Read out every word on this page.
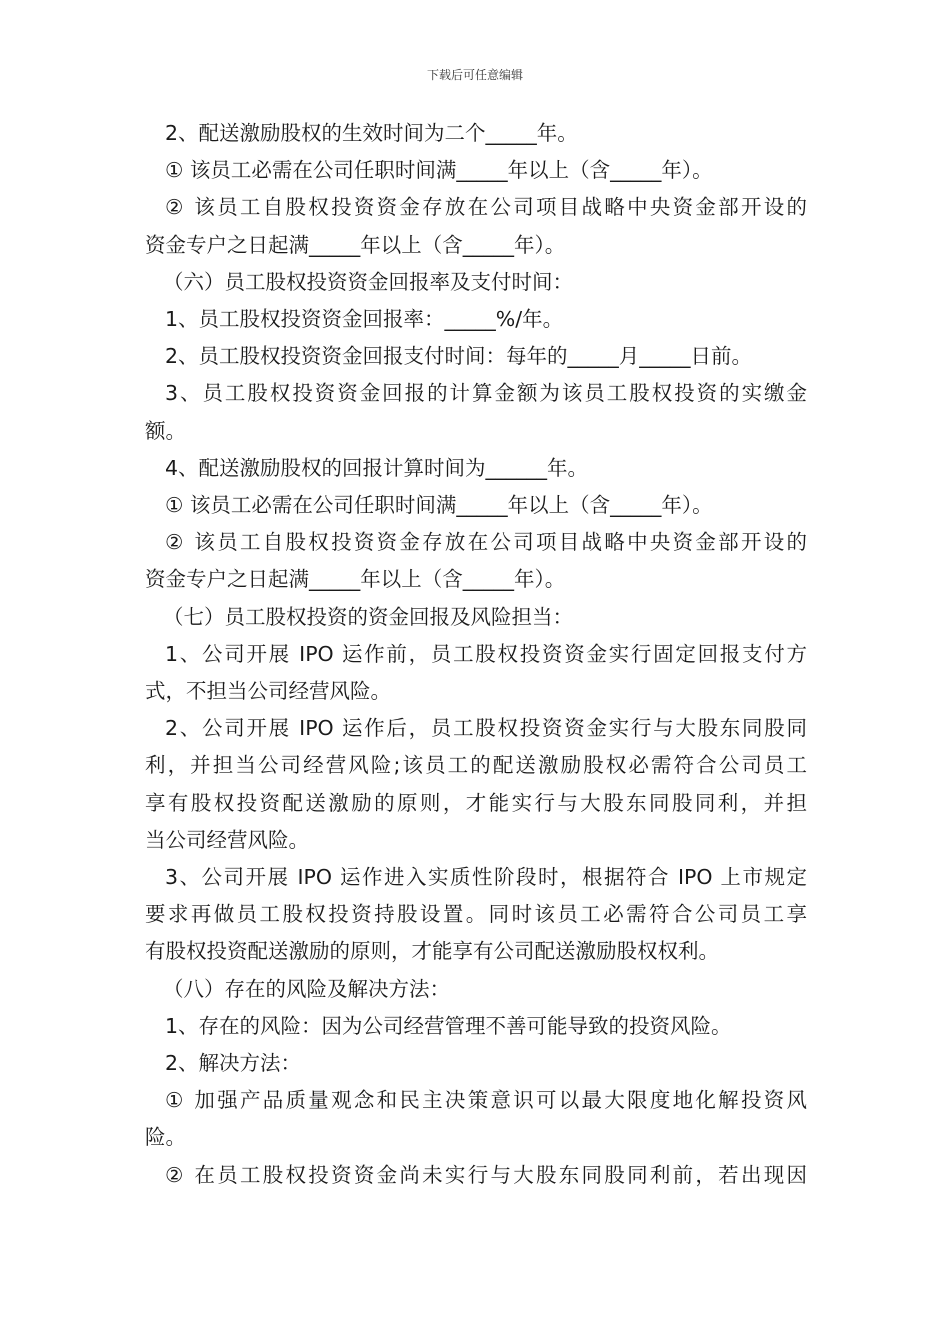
下载后可任意编辑

2、配送激励股权的生效时间为二个_____年。

① 该员工必需在公司任职时间满_____年以上（含_____年）。

② 该员工自股权投资资金存放在公司项目战略中央资金部开设的

资金专户之日起满_____年以上（含_____年）。

（六）员工股权投资资金回报率及支付时间：

1、员工股权投资资金回报率：_____%/年。

2、员工股权投资资金回报支付时间：每年的_____月_____日前。

3、员工股权投资资金回报的计算金额为该员工股权投资的实缴金

额。

4、配送激励股权的回报计算时间为______年。

① 该员工必需在公司任职时间满_____年以上（含_____年）。

② 该员工自股权投资资金存放在公司项目战略中央资金部开设的

资金专户之日起满_____年以上（含_____年）。

（七）员工股权投资的资金回报及风险担当：

1、公司开展 IPO 运作前，员工股权投资资金实行固定回报支付方

式，不担当公司经营风险。

2、公司开展 IPO 运作后，员工股权投资资金实行与大股东同股同

利，并担当公司经营风险;该员工的配送激励股权必需符合公司员工

享有股权投资配送激励的原则，才能实行与大股东同股同利，并担

当公司经营风险。

3、公司开展 IPO 运作进入实质性阶段时，根据符合 IPO 上市规定

要求再做员工股权投资持股设置。同时该员工必需符合公司员工享

有股权投资配送激励的原则，才能享有公司配送激励股权权利。

（八）存在的风险及解决方法：

1、存在的风险：因为公司经营管理不善可能导致的投资风险。

2、解决方法：

① 加强产品质量观念和民主决策意识可以最大限度地化解投资风

险。

② 在员工股权投资资金尚未实行与大股东同股同利前，若出现因
